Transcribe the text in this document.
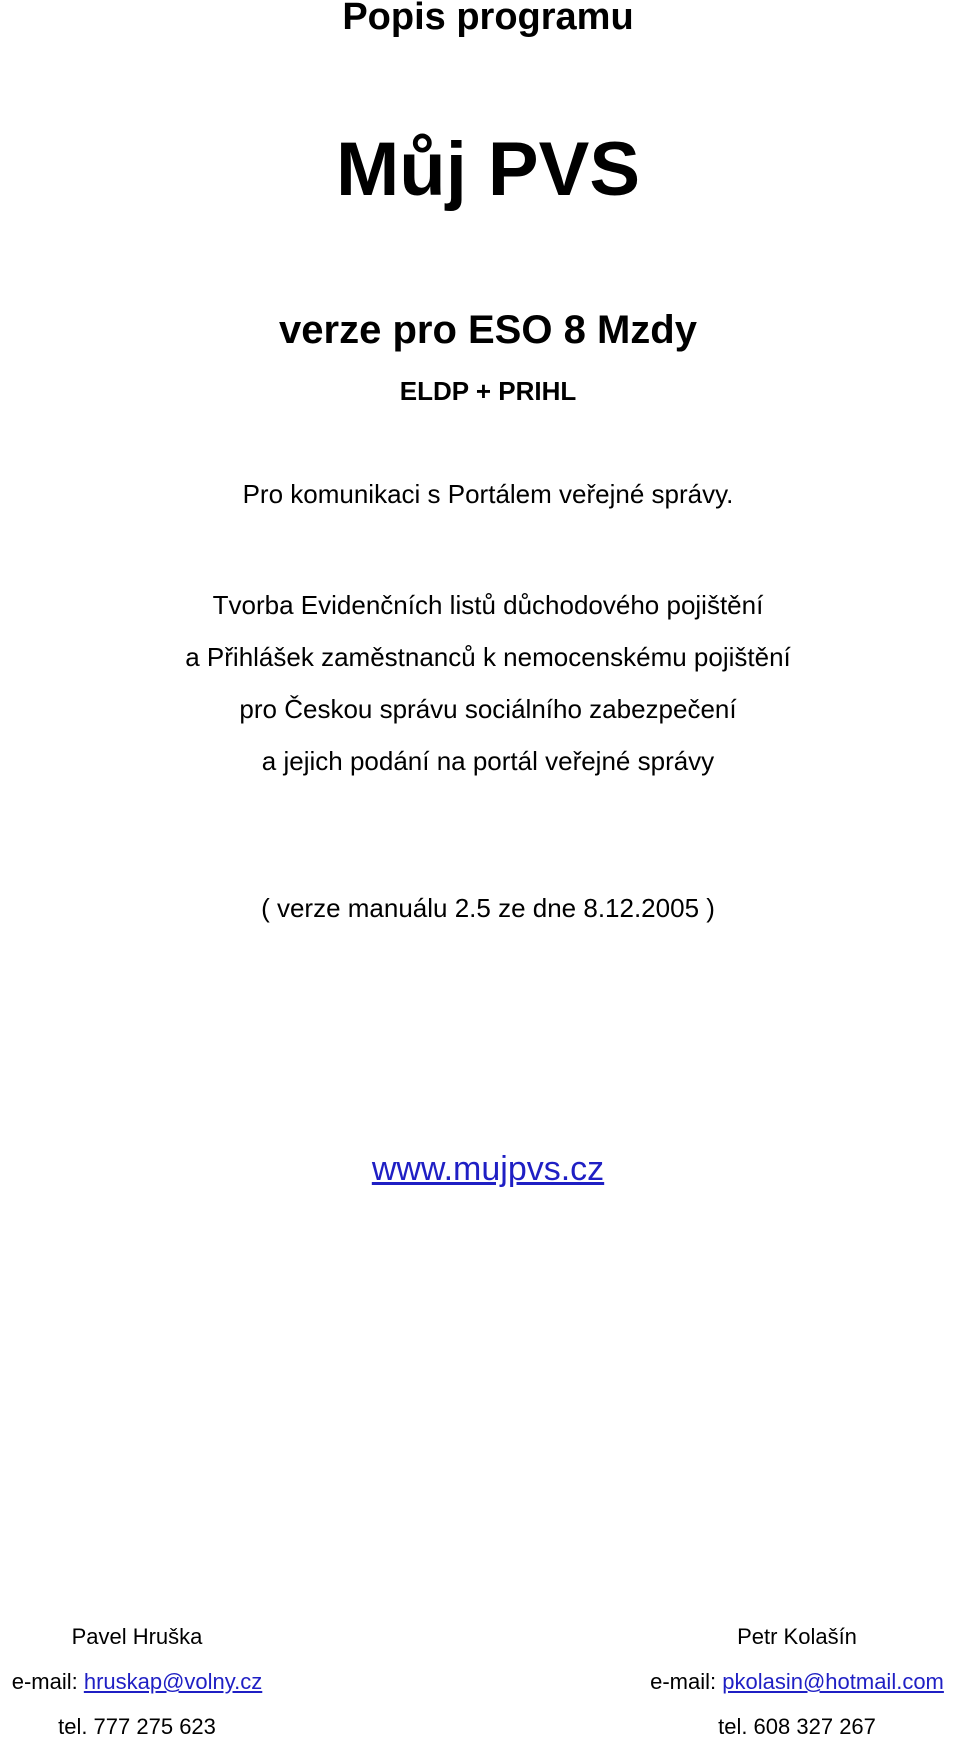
Popis programu
Můj PVS
verze pro ESO 8 Mzdy
ELDP + PRIHL
Pro komunikaci s Portálem veřejné správy.
Tvorba Evidenčních listů důchodového pojištění
a Přihlášek zaměstnanců k nemocenskému pojištění
pro Českou správu sociálního zabezpečení
a jejich podání na portál veřejné správy
( verze manuálu 2.5 ze dne 8.12.2005 )
www.mujpvs.cz
Pavel Hruška
e-mail: hruskap@volny.cz
tel. 777 275 623
Petr Kolašín
e-mail: pkolasin@hotmail.com
tel. 608 327 267
